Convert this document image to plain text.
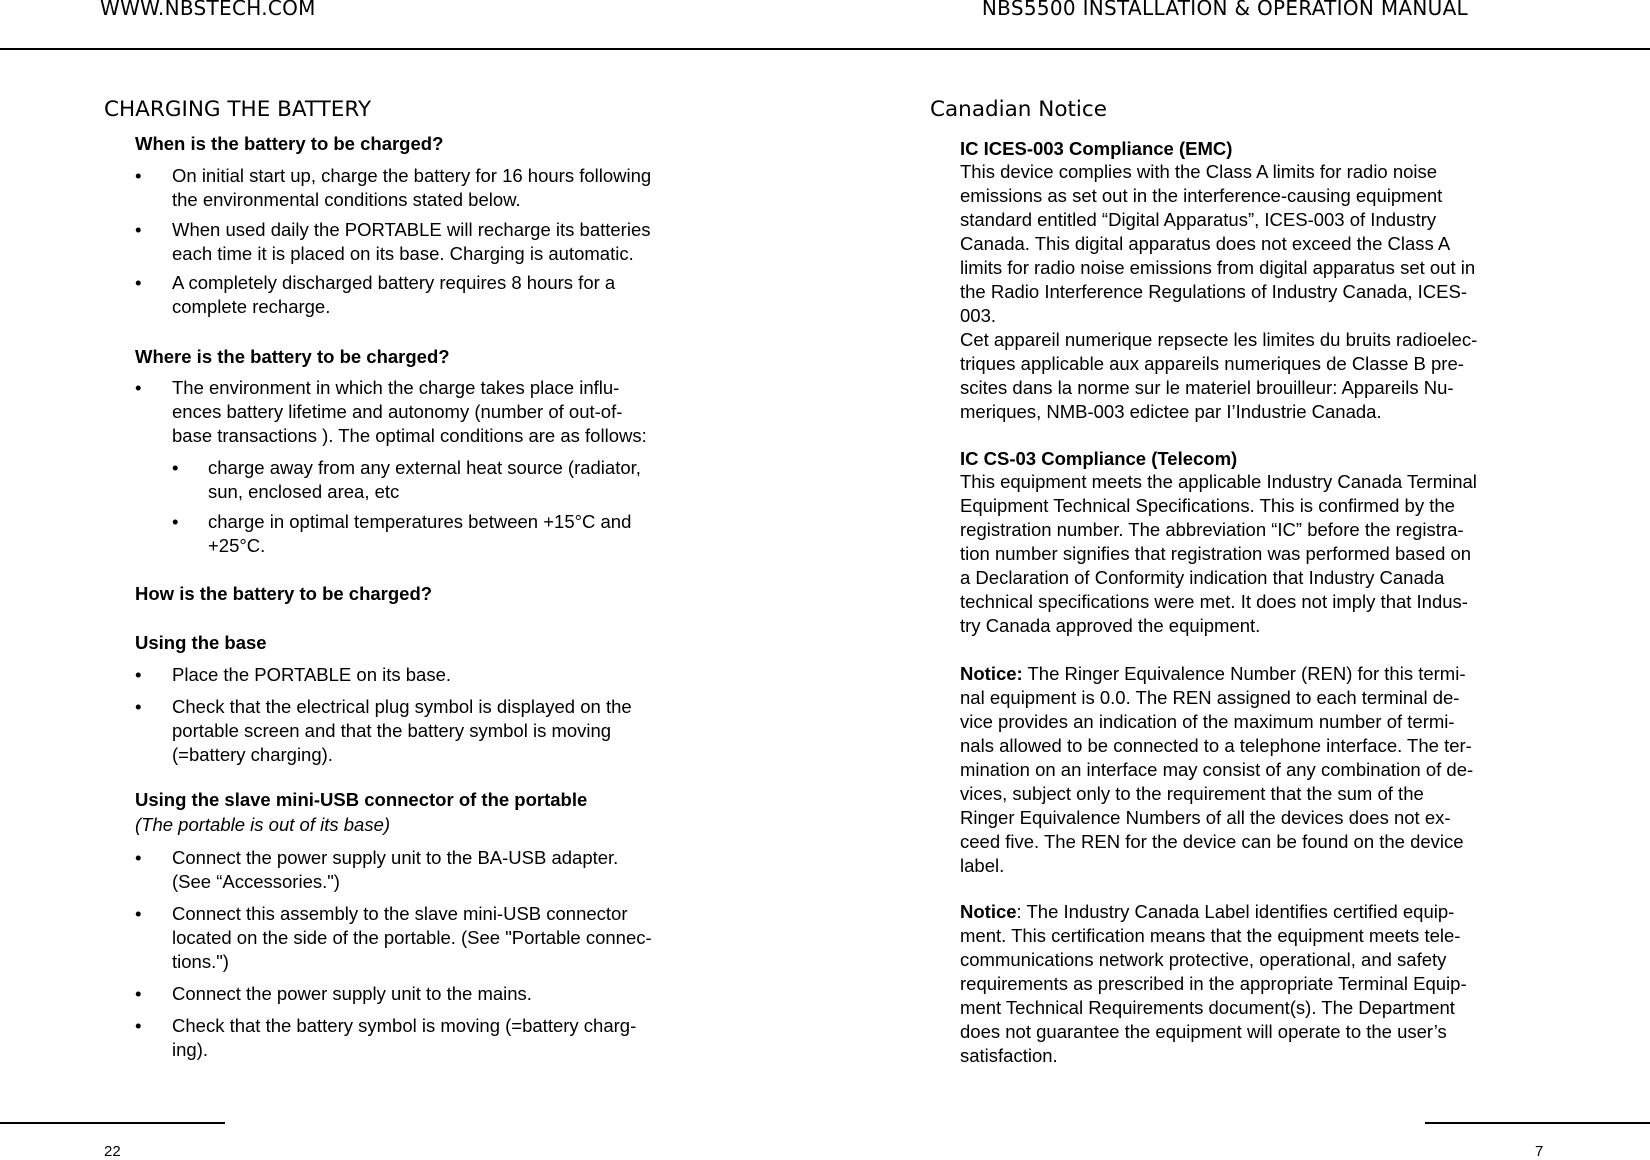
WWW.NBSTECH.COM	NBS5500 INSTALLATION & OPERATION MANUAL
CHARGING THE BATTERY
When is the battery to be charged?
• On initial start up, charge the battery for 16 hours following
the environmental conditions stated below.
• When used daily the PORTABLE will recharge its batteries
each time it is placed on its base. Charging is automatic.
• A completely discharged battery requires 8 hours for a
complete recharge.
Where is the battery to be charged?
• The environment in which the charge takes place influ-
ences battery lifetime and autonomy (number of out-of-
base transactions ). The optimal conditions are as follows:
• charge away from any external heat source (radiator,
sun, enclosed area, etc
• charge in optimal temperatures between +15°C and
+25°C.
How is the battery to be charged?
Using the base
• Place the PORTABLE on its base.
• Check that the electrical plug symbol is displayed on the
portable screen and that the battery symbol is moving
(=battery charging).
Using the slave mini-USB connector of the portable
(The portable is out of its base)
• Connect the power supply unit to the BA-USB adapter.
(See “Accessories.")
• Connect this assembly to the slave mini-USB connector
located on the side of the portable. (See "Portable connec-
tions.")
• Connect the power supply unit to the mains.
• Check that the battery symbol is moving (=battery charg-
ing).
Canadian Notice
IC ICES-003 Compliance (EMC)
This device complies with the Class A limits for radio noise
emissions as set out in the interference-causing equipment
standard entitled “Digital Apparatus”, ICES-003 of Industry
Canada. This digital apparatus does not exceed the Class A
limits for radio noise emissions from digital apparatus set out in
the Radio Interference Regulations of Industry Canada, ICES-
003.
Cet appareil numerique repsecte les limites du bruits radioelec-
triques applicable aux appareils numeriques de Classe B pre-
scites dans la norme sur le materiel brouilleur: Appareils Nu-
meriques, NMB-003 edictee par I’Industrie Canada.
IC CS-03 Compliance (Telecom)
This equipment meets the applicable Industry Canada Terminal
Equipment Technical Specifications. This is confirmed by the
registration number. The abbreviation “IC” before the registra-
tion number signifies that registration was performed based on
a Declaration of Conformity indication that Industry Canada
technical specifications were met. It does not imply that Indus-
try Canada approved the equipment.
Notice: The Ringer Equivalence Number (REN) for this termi-
nal equipment is 0.0. The REN assigned to each terminal de-
vice provides an indication of the maximum number of termi-
nals allowed to be connected to a telephone interface. The ter-
mination on an interface may consist of any combination of de-
vices, subject only to the requirement that the sum of the
Ringer Equivalence Numbers of all the devices does not ex-
ceed five. The REN for the device can be found on the device
label.
Notice: The Industry Canada Label identifies certified equip-
ment. This certification means that the equipment meets tele-
communications network protective, operational, and safety
requirements as prescribed in the appropriate Terminal Equip-
ment Technical Requirements document(s). The Department
does not guarantee the equipment will operate to the user’s
satisfaction.
22	7
